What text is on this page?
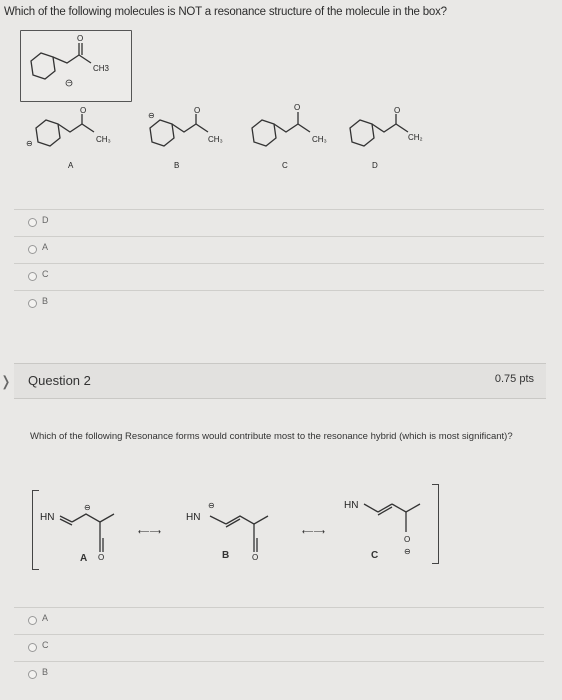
Which of the following molecules is NOT a resonance structure of the molecule in the box?
O
CH3
−
O
CH₃
⊖
A
O
CH₃
⊖
B
O
CH₃
C
O
CH₂
D
D
A
C
B
❭ Question 2	0.75 pts
Which of the following Resonance forms would contribute most to the resonance hybrid (which is most significant)?
HN	HN
HN
⊖
O
⟵⟶
⊖
O
⟵⟶
O
⊖
A	B	C
A
C
B
